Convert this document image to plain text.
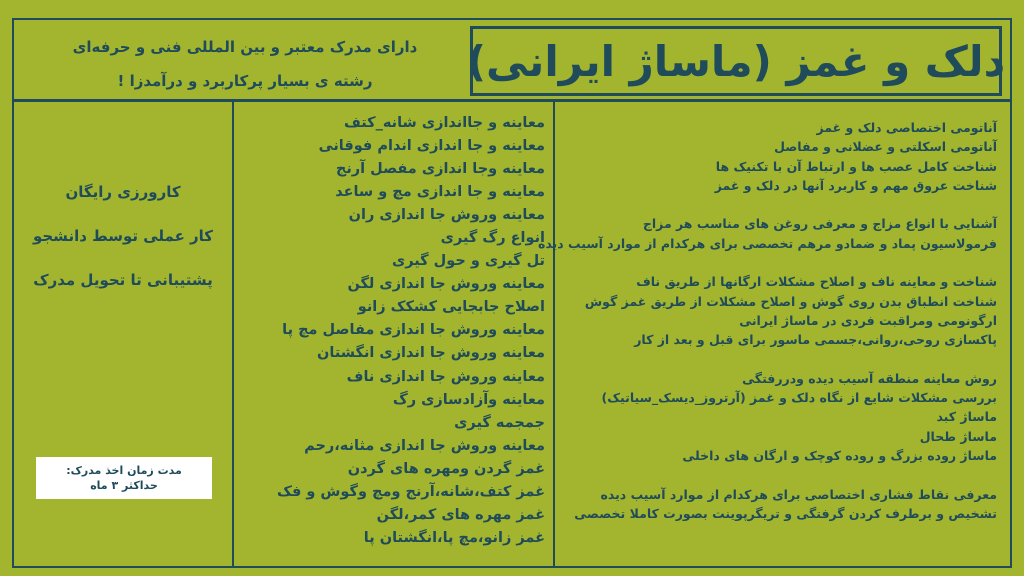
دلک و غمز (ماساژ ایرانی)
دارای مدرک معتبر و بین المللی فنی و حرفه‌ای
رشته ی بسیار پرکاربرد و درآمدزا !
آناتومی اختصاصی دلک و غمز
آناتومی اسکلتی و عضلانی و مفاصل
شناخت کامل عصب ها و ارتباط آن با تکنیک ها
شناخت عروق مهم و کاربرد آنها در دلک و غمز
آشنایی با انواع مزاج و معرفی روغن های مناسب هر مزاج
فرمولاسیون پماد و ضمادو مرهم تخصصی برای هرکدام از موارد آسیب دیده
شناخت و معاینه ناف و اصلاح مشکلات ارگانها از طریق ناف
شناخت انطباق بدن روی گوش و اصلاح مشکلات از طریق غمز گوش
ارگونومی ومراقبت فردی در ماساژ ایرانی
پاکسازی روحی،روانی،جسمی ماسور برای قبل و بعد از کار
روش معاینه منطقه آسیب دیده ودررفتگی
بررسی مشکلات شایع از نگاه دلک و غمز (آرتروز_دیسک_سیاتیک)
ماساژ کبد
ماساژ طحال
ماساژ روده بزرگ و روده کوچک و ارگان های داخلی
معرفی نقاط فشاری اختصاصی برای هرکدام از موارد آسیب دیده
تشخیص و برطرف کردن گرفتگی و تریگرپوینت بصورت کاملا تخصصی
معاینه و جااندازی شانه_کتف
معاینه و جا اندازی اندام فوقانی
معاینه وجا اندازی مفصل آرنج
معاینه و جا اندازی مچ و ساعد
معاینه وروش جا اندازی ران
انواع رگ گیری
تل گیری و حول گیری
معاینه وروش جا اندازی لگن
اصلاح جابجایی کشکک زانو
معاینه وروش جا اندازی مفاصل مچ پا
معاینه وروش جا اندازی انگشتان
معاینه وروش جا اندازی ناف
معاینه وآزادسازی رگ
جمجمه گیری
معاینه وروش جا اندازی مثانه،رحم
غمز گردن ومهره های گردن
غمز کتف،شانه،آرنج ومچ وگوش و فک
غمز مهره های کمر،لگن
غمز زانو،مچ پا،انگشتان پا
کارورزی رایگان
کار عملی توسط دانشجو
پشتیبانی تا تحویل مدرک
مدت زمان اخذ مدرک:
حداکثر ۳ ماه
